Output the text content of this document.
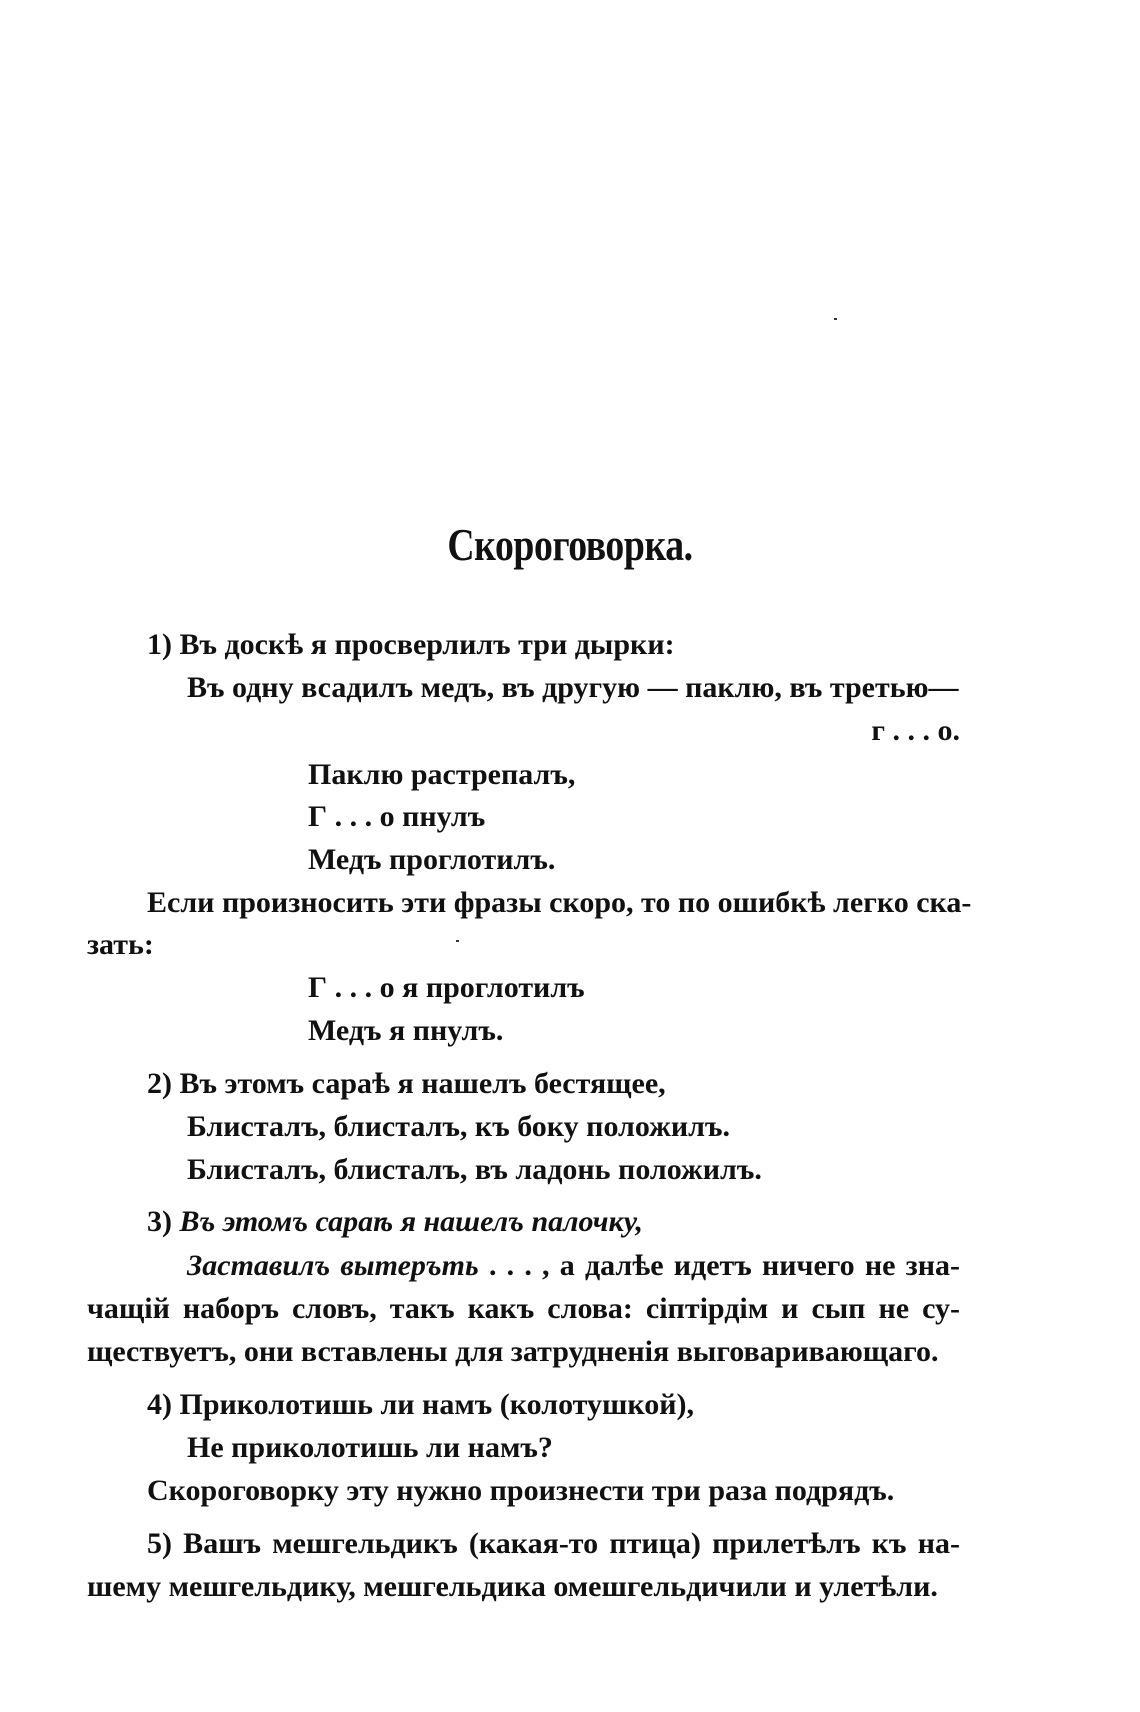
Скороговорка.
1) Въ доскѣ я просверлилъ три дырки:
Въ одну всадилъ медъ, въ другую — паклю, въ третью—
г . . . о.
Паклю растрепалъ,
Г . . . о пнулъ
Медъ проглотилъ.
Если произносить эти фразы скоро, то по ошибкѣ легко ска-
зать:
Г . . . о я проглотилъ
Медъ я пнулъ.
2) Въ этомъ сараѣ я нашелъ бестящее,
Блисталъ, блисталъ, къ боку положилъ.
Блисталъ, блисталъ, въ ладонь положилъ.
3) Въ этомъ сараѣ я нашелъ палочку,
Заставилъ вытеръть . . . , а далѣе идетъ ничего не зна-
чащій наборъ словъ, такъ какъ слова: сiптiрдiм и сып не су-
ществуетъ, они вставлены для затрудненія выговаривающаго.
4) Приколотишь ли намъ (колотушкой),
Не приколотишь ли намъ?
Скороговорку эту нужно произнести три раза подрядъ.
5) Вашъ мешгельдикъ (какая-то птица) прилетѣлъ къ на-
шему мешгельдику, мешгельдика омешгельдичили и улетѣли.
